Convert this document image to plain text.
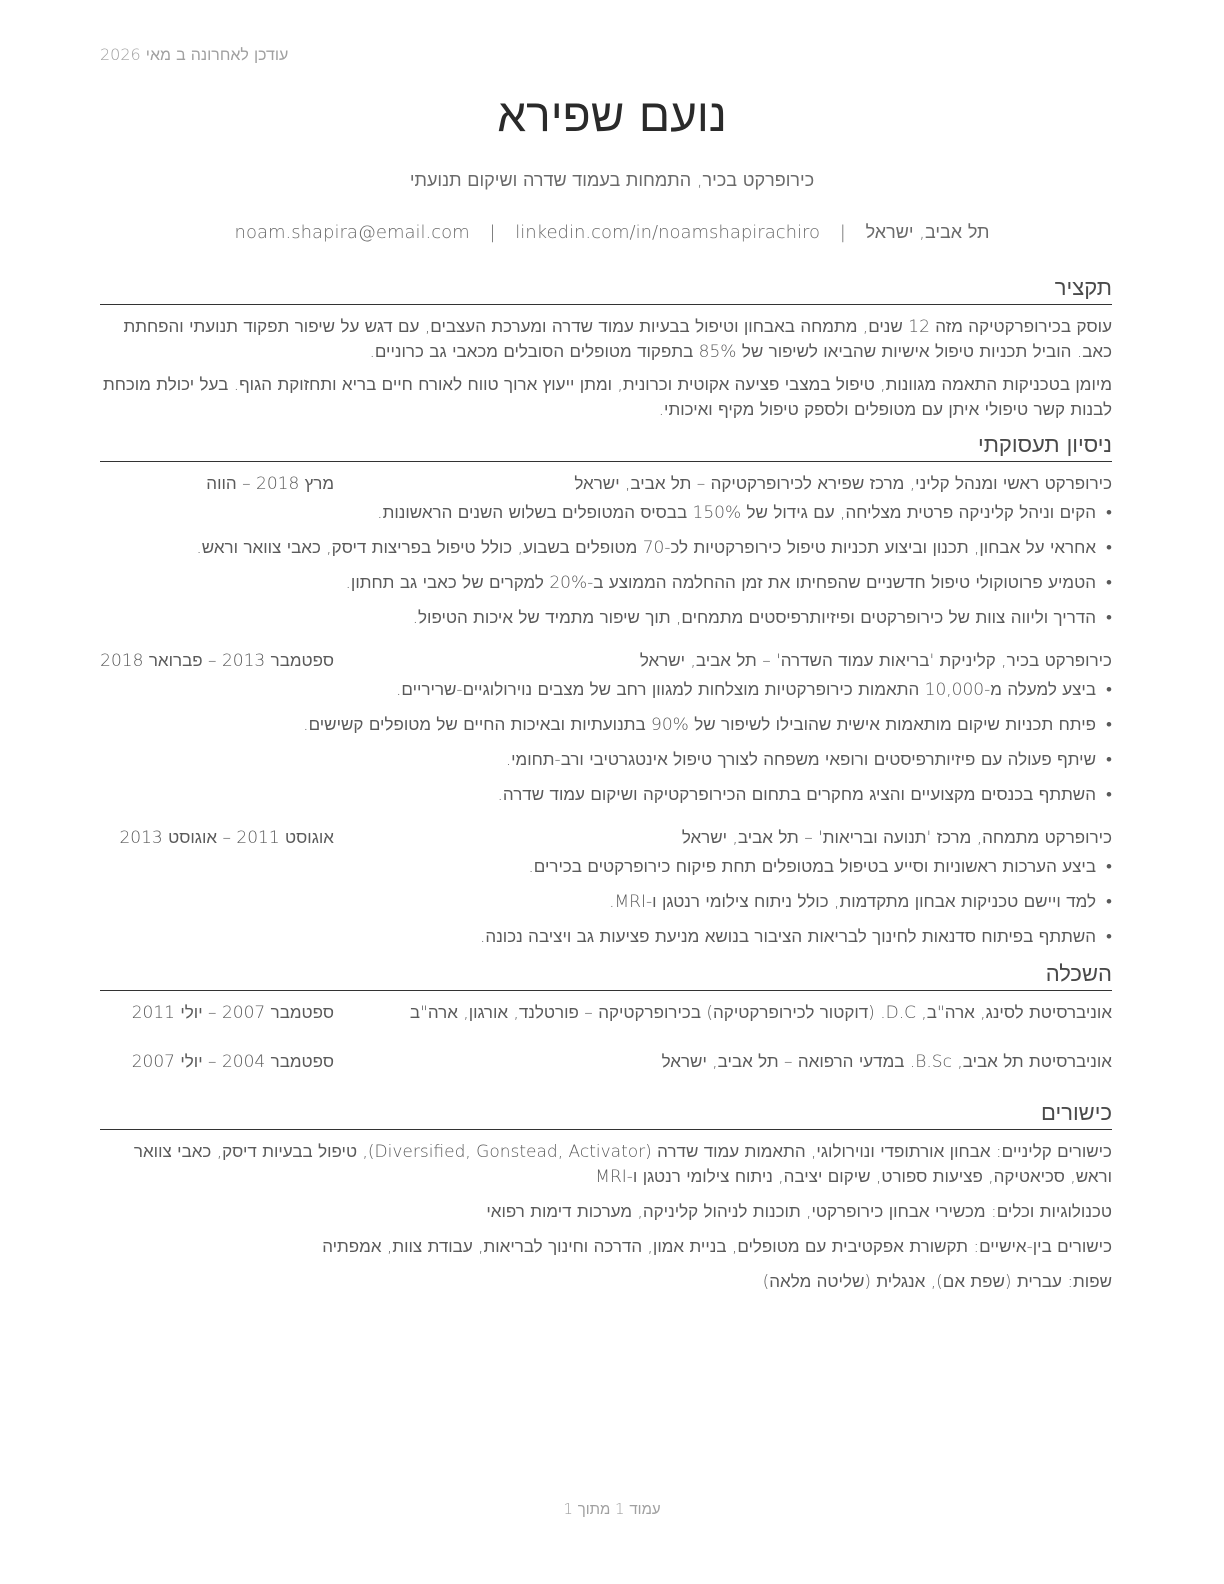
עודכן לאחרונה ב מאי 2026
נועם שפירא
כירופרקט בכיר, התמחות בעמוד שדרה ושיקום תנועתי
תל אביב, ישראל | noam.shapira@email.com | linkedin.com/in/noamshapirachiro
תקציר

עוסק בכירופרקטיקה מזה 12 שנים, מתמחה באבחון וטיפול בבעיות עמוד שדרה ומערכת העצבים, עם דגש על שיפור תפקוד תנועתי והפחתת כאב. הוביל תכניות טיפול אישיות שהביאו לשיפור של 85% בתפקוד מטופלים הסובלים מכאבי גב כרוניים.

מיומן בטכניקות התאמה מגוונות, טיפול במצבי פציעה אקוטית וכרונית, ומתן ייעוץ ארוך טווח לאורח חיים בריא ותחזוקת הגוף. בעל יכולת מוכחת לבנות קשר טיפולי איתן עם מטופלים ולספק טיפול מקיף ואיכותי.

ניסיון תעסוקתי
כירופרקט ראשי ומנהל קליני, מרכז שפירא לכירופרקטיקה – תל אביב, ישראל
מרץ 2018 – הווה
• הקים וניהל קליניקה פרטית מצליחה, עם גידול של 150% בבסיס המטופלים בשלוש השנים הראשונות.
• אחראי על אבחון, תכנון וביצוע תכניות טיפול כירופרקטיות לכ-70 מטופלים בשבוע, כולל טיפול בפריצות דיסק, כאבי צוואר וראש.
• הטמיע פרוטוקולי טיפול חדשניים שהפחיתו את זמן ההחלמה הממוצע ב-20% למקרים של כאבי גב תחתון.
• הדריך וליווה צוות של כירופרקטים ופיזיותרפיסטים מתמחים, תוך שיפור מתמיד של איכות הטיפול.
כירופרקט בכיר, קליניקת 'בריאות עמוד השדרה' – תל אביב, ישראל
ספטמבר 2013 – פברואר 2018
• ביצע למעלה מ-10,000 התאמות כירופרקטיות מוצלחות למגוון רחב של מצבים נוירולוגיים-שריריים.
• פיתח תכניות שיקום מותאמות אישית שהובילו לשיפור של 90% בתנועתיות ובאיכות החיים של מטופלים קשישים.
• שיתף פעולה עם פיזיותרפיסטים ורופאי משפחה לצורך טיפול אינטגרטיבי ורב-תחומי.
• השתתף בכנסים מקצועיים והציג מחקרים בתחום הכירופרקטיקה ושיקום עמוד שדרה.
כירופרקט מתמחה, מרכז 'תנועה ובריאות' – תל אביב, ישראל
אוגוסט 2011 – אוגוסט 2013
• ביצע הערכות ראשוניות וסייע בטיפול במטופלים תחת פיקוח כירופרקטים בכירים.
• למד ויישם טכניקות אבחון מתקדמות, כולל ניתוח צילומי רנטגן ו-MRI.
• השתתף בפיתוח סדנאות לחינוך לבריאות הציבור בנושא מניעת פציעות גב ויציבה נכונה.
השכלה
אוניברסיטת לסינג, ארה"ב, D.C. (דוקטור לכירופרקטיקה) בכירופרקטיקה – פורטלנד, אורגון, ארה"ב
ספטמבר 2007 – יולי 2011
אוניברסיטת תל אביב, B.Sc. במדעי הרפואה – תל אביב, ישראל
ספטמבר 2004 – יולי 2007
כישורים
כישורים קליניים: אבחון אורתופדי ונוירולוגי, התאמות עמוד שדרה (Diversified, Gonstead, Activator), טיפול בבעיות דיסק, כאבי צוואר וראש, סכיאטיקה, פציעות ספורט, שיקום יציבה, ניתוח צילומי רנטגן ו-MRI
טכנולוגיות וכלים: מכשירי אבחון כירופרקטי, תוכנות לניהול קליניקה, מערכות דימות רפואי
כישורים בין-אישיים: תקשורת אפקטיבית עם מטופלים, בניית אמון, הדרכה וחינוך לבריאות, עבודת צוות, אמפתיה
שפות: עברית (שפת אם), אנגלית (שליטה מלאה)
עמוד 1 מתוך 1
